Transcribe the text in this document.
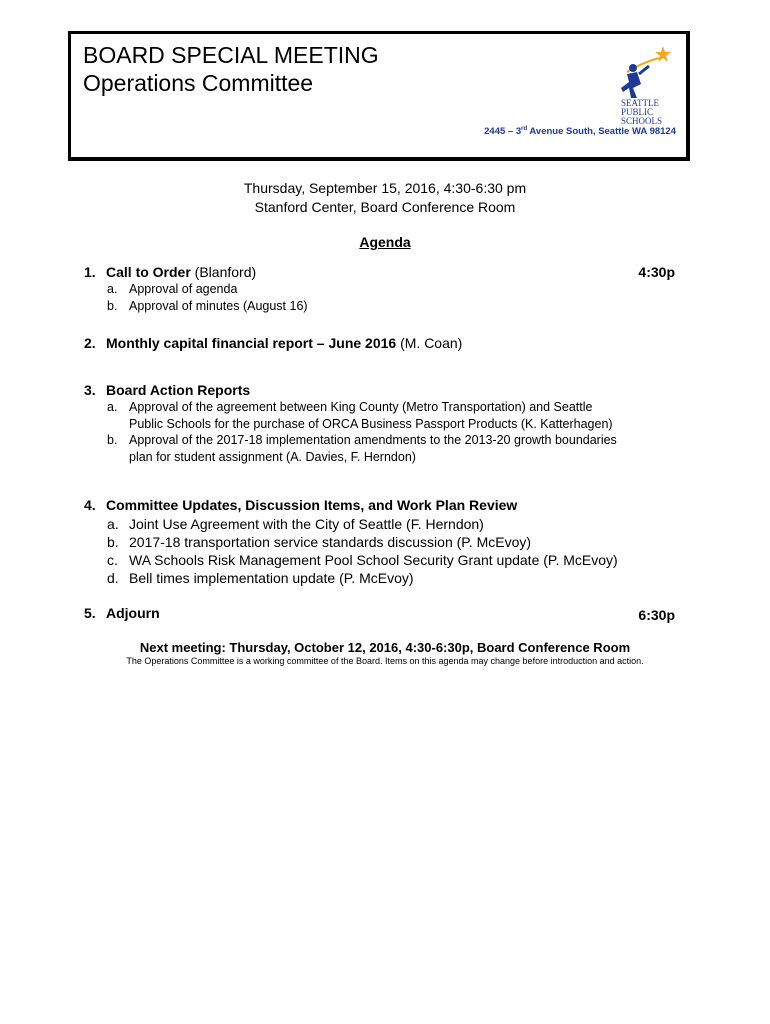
BOARD SPECIAL MEETING
Operations Committee
SEATTLE
PUBLIC
SCHOOLS
2445 – 3rd Avenue South, Seattle WA 98124
Thursday, September 15, 2016, 4:30-6:30 pm
Stanford Center, Board Conference Room
Agenda
1. Call to Order (Blanford)	4:30p
a. Approval of agenda
b. Approval of minutes (August 16)
2. Monthly capital financial report – June 2016 (M. Coan)
3. Board Action Reports
a. Approval of the agreement between King County (Metro Transportation) and Seattle
Public Schools for the purchase of ORCA Business Passport Products (K. Katterhagen)
b. Approval of the 2017-18 implementation amendments to the 2013-20 growth boundaries
plan for student assignment (A. Davies, F. Herndon)
4. Committee Updates, Discussion Items, and Work Plan Review
a. Joint Use Agreement with the City of Seattle (F. Herndon)
b. 2017-18 transportation service standards discussion (P. McEvoy)
c. WA Schools Risk Management Pool School Security Grant update (P. McEvoy)
d. Bell times implementation update (P. McEvoy)
5. Adjourn	6:30p
Next meeting: Thursday, October 12, 2016, 4:30-6:30p, Board Conference Room
The Operations Committee is a working committee of the Board. Items on this agenda may change before introduction and action.
